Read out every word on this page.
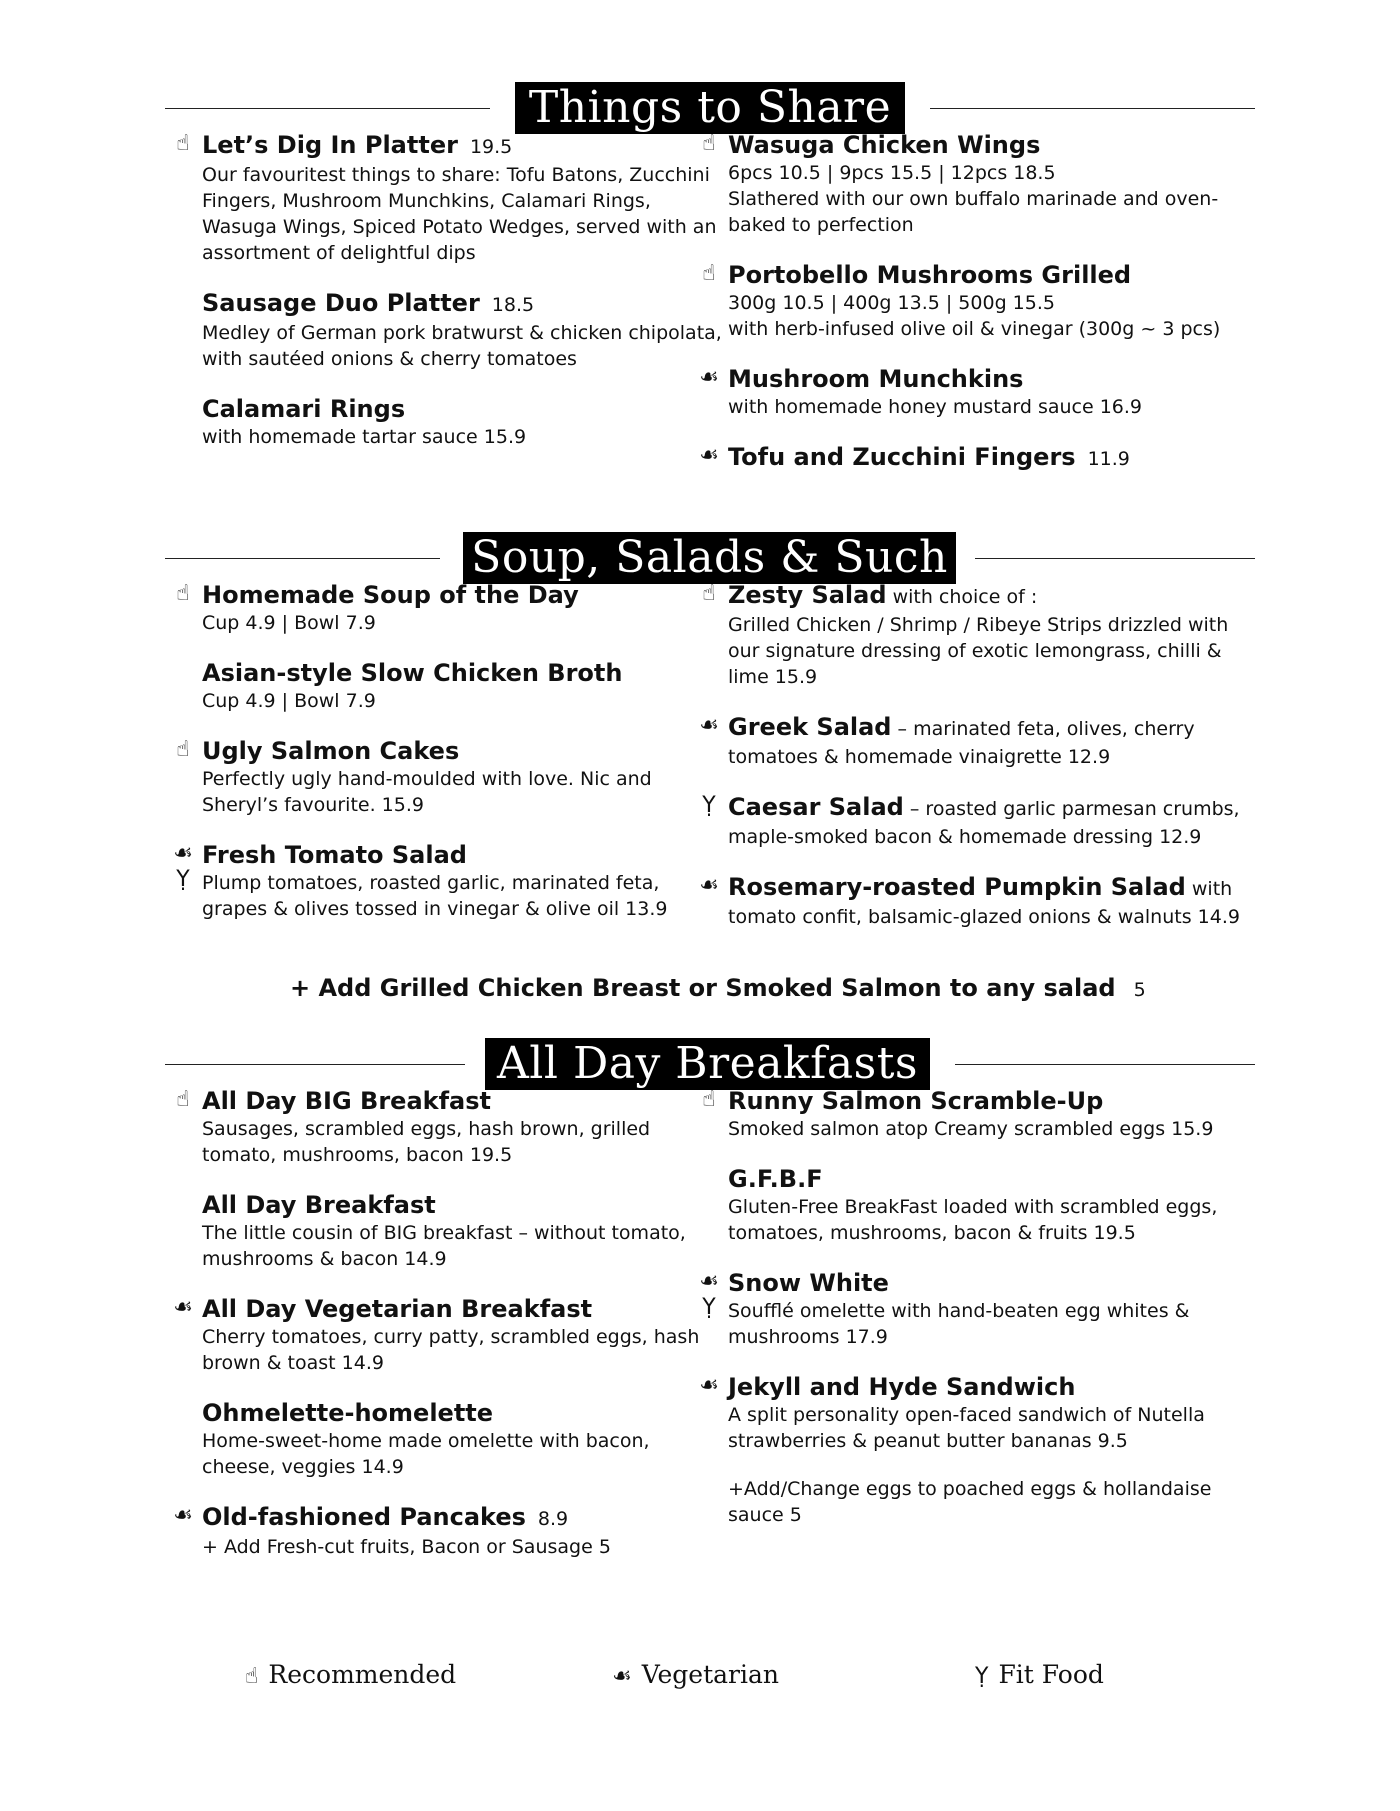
Things to Share
☝ Let’s Dig In Platter 19.5
Our favouritest things to share: Tofu Batons, Zucchini Fingers, Mushroom Munchkins, Calamari Rings, Wasuga Wings, Spiced Potato Wedges, served with an assortment of delightful dips
Sausage Duo Platter 18.5
Medley of German pork bratwurst & chicken chipolata, with sautéed onions & cherry tomatoes
Calamari Rings
with homemade tartar sauce 15.9
☝ Wasuga Chicken Wings
6pcs 10.5 | 9pcs 15.5 | 12pcs 18.5
Slathered with our own buffalo marinade and oven-baked to perfection
☝ Portobello Mushrooms Grilled
300g 10.5 | 400g 13.5 | 500g 15.5
with herb-infused olive oil & vinegar (300g ~ 3 pcs)
☙ Mushroom Munchkins
with homemade honey mustard sauce 16.9
☙ Tofu and Zucchini Fingers 11.9
Soup, Salads & Such
☝ Homemade Soup of the Day
Cup 4.9 | Bowl 7.9
Asian-style Slow Chicken Broth
Cup 4.9 | Bowl 7.9
☝ Ugly Salmon Cakes
Perfectly ugly hand-moulded with love. Nic and Sheryl’s favourite. 15.9
☙
Ỵ
Fresh Tomato Salad
Plump tomatoes, roasted garlic, marinated feta, grapes & olives tossed in vinegar & olive oil 13.9
☝ Zesty Salad with choice of :
Grilled Chicken / Shrimp / Ribeye Strips drizzled with our signature dressing of exotic lemongrass, chilli & lime 15.9
☙ Greek Salad – marinated feta, olives, cherry
tomatoes & homemade vinaigrette 12.9
Ỵ Caesar Salad – roasted garlic parmesan crumbs,
maple-smoked bacon & homemade dressing 12.9
☙ Rosemary-roasted Pumpkin Salad with
tomato confit, balsamic-glazed onions & walnuts 14.9
+ Add Grilled Chicken Breast or Smoked Salmon to any salad 5
All Day Breakfasts
☝ All Day BIG Breakfast
Sausages, scrambled eggs, hash brown, grilled tomato, mushrooms, bacon 19.5
All Day Breakfast
The little cousin of BIG breakfast – without tomato, mushrooms & bacon 14.9
☙ All Day Vegetarian Breakfast
Cherry tomatoes, curry patty, scrambled eggs, hash brown & toast 14.9
Ohmelette-homelette
Home-sweet-home made omelette with bacon, cheese, veggies 14.9
☙ Old-fashioned Pancakes 8.9
+ Add Fresh-cut fruits, Bacon or Sausage 5
☝ Runny Salmon Scramble-Up
Smoked salmon atop Creamy scrambled eggs 15.9
G.F.B.F
Gluten-Free BreakFast loaded with scrambled eggs, tomatoes, mushrooms, bacon & fruits 19.5
☙
Ỵ
Snow White
Soufflé omelette with hand-beaten egg whites & mushrooms 17.9
☙ Jekyll and Hyde Sandwich
A split personality open-faced sandwich of Nutella strawberries & peanut butter bananas 9.5
+Add/Change eggs to poached eggs & hollandaise sauce 5
☝ Recommended	☙ Vegetarian	Ỵ Fit Food
